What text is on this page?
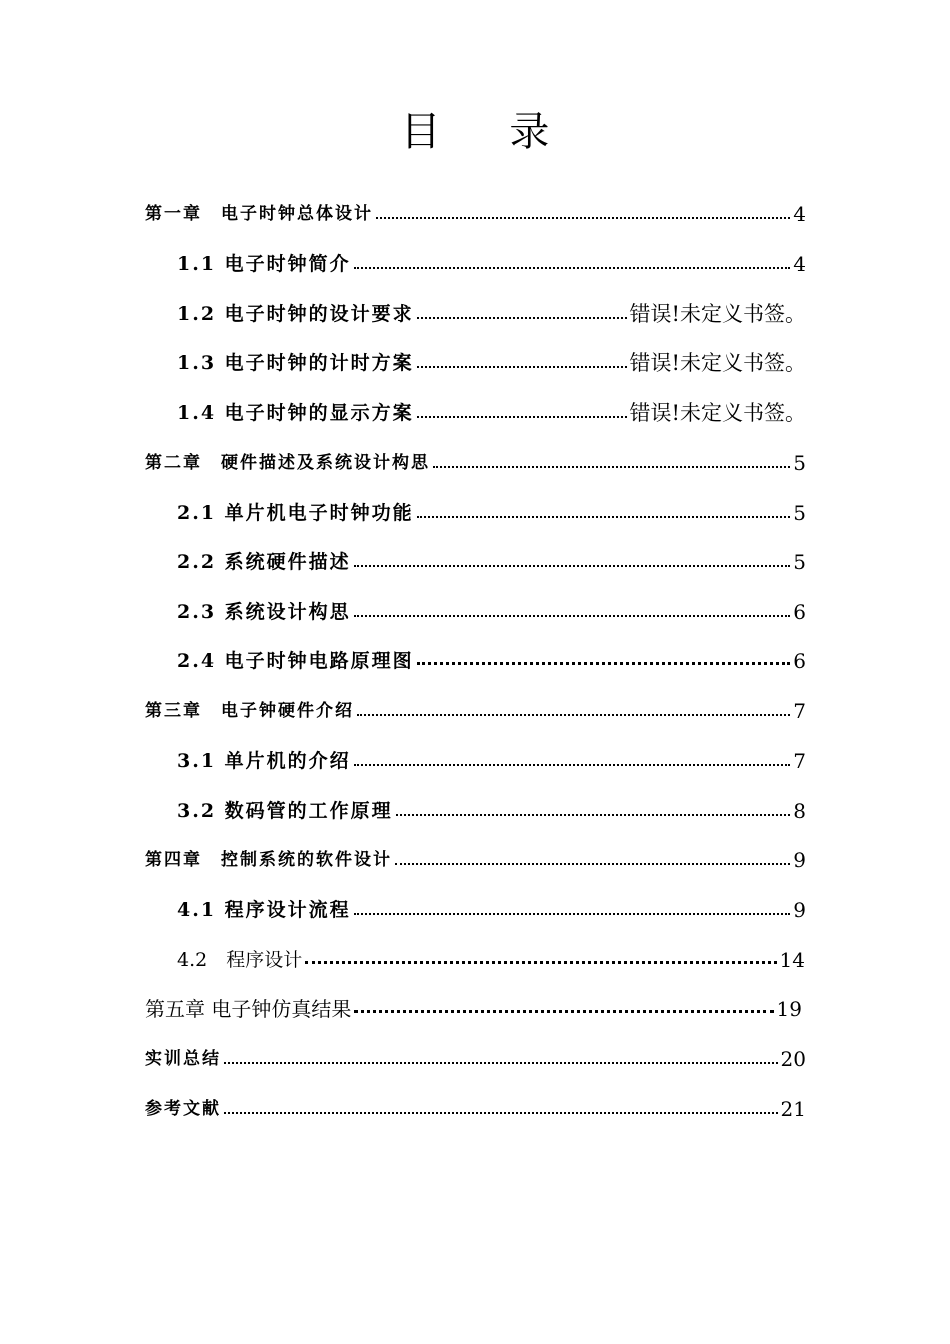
目 录
第一章　电子时钟总体设计	4
1.1 电子时钟简介	4
1.2 电子时钟的设计要求	错误!未定义书签。
1.3 电子时钟的计时方案	错误!未定义书签。
1.4 电子时钟的显示方案	错误!未定义书签。
第二章　硬件描述及系统设计构思	5
2.1 单片机电子时钟功能	5
2.2 系统硬件描述	5
2.3 系统设计构思	6
2.4 电子时钟电路原理图	6
第三章　电子钟硬件介绍	7
3.1 单片机的介绍	7
3.2 数码管的工作原理	8
第四章　控制系统的软件设计	9
4.1 程序设计流程	9
4.2　程序设计	14
第五章 电子钟仿真结果	19
实训总结	20
参考文献	21
